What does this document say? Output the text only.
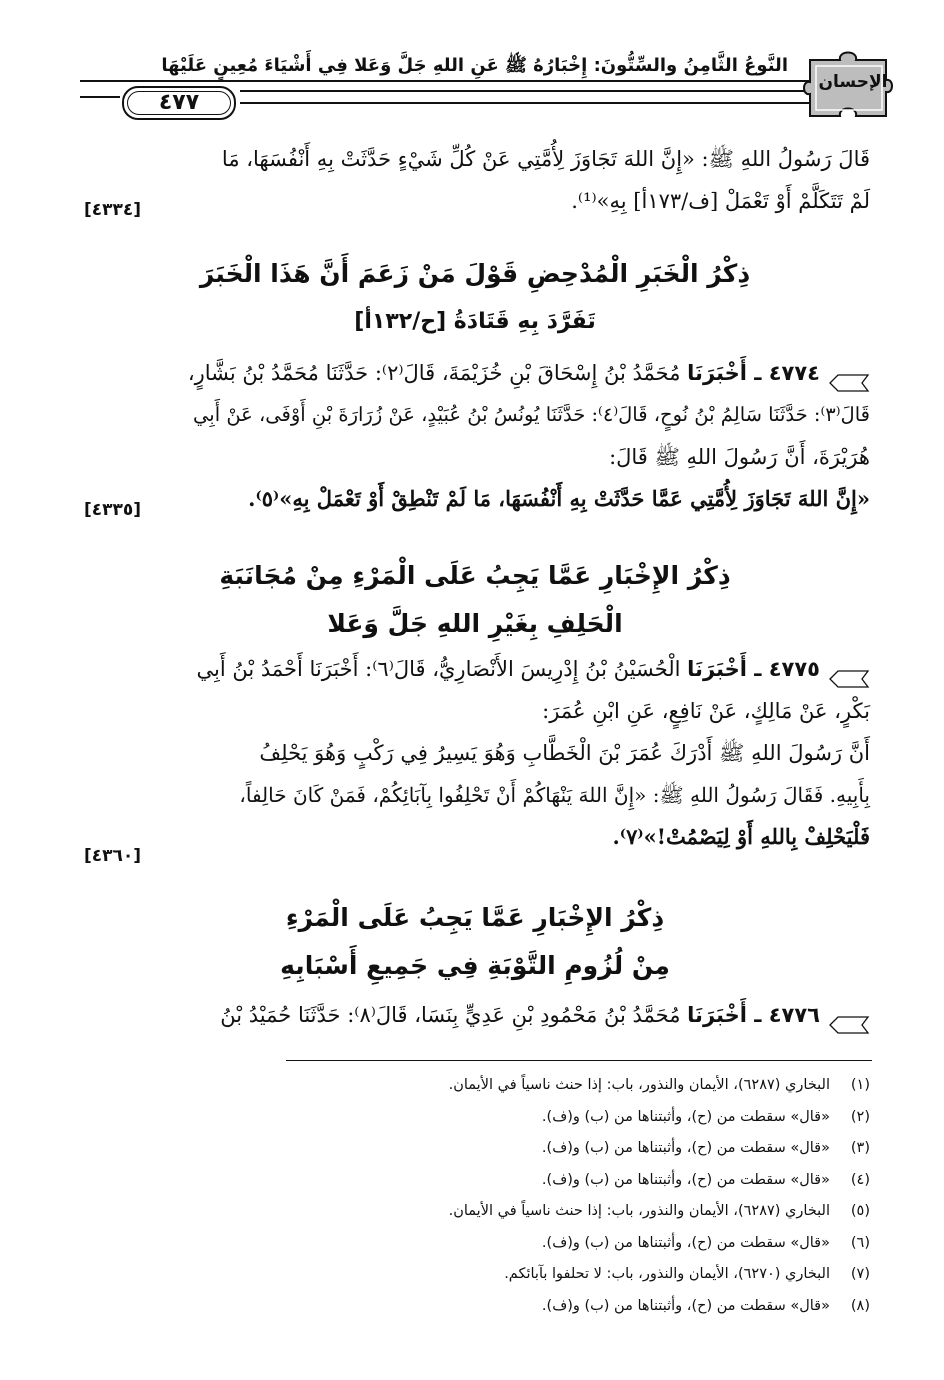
النَّوعُ الثَّامِنُ والسِّتُّونَ: إِخْبَارُهُ ﷺ عَنِ اللهِ جَلَّ وَعَلا فِي أَشْيَاءَ مُعِينٍ عَلَيْهَا
٤٧٧
الإحسان
قَالَ رَسُولُ اللهِ ﷺ: «إِنَّ اللهَ تَجَاوَزَ لِأُمَّتِي عَنْ كُلِّ شَيْءٍ حَدَّثَتْ بِهِ أَنْفُسَهَا، مَا
لَمْ تَتَكَلَّمْ أَوْ تَعْمَلْ [ف/١٧٣أ] بِهِ»⁽¹⁾.
[٤٣٣٤]
ذِكْرُ الْخَبَرِ الْمُدْحِضِ قَوْلَ مَنْ زَعَمَ أَنَّ هَذَا الْخَبَرَ
تَفَرَّدَ بِهِ قَتَادَةُ [ح/١٣٢أ]
٤٧٧٤ ـ أَخْبَرَنَا مُحَمَّدُ بْنُ إِسْحَاقَ بْنِ خُزَيْمَةَ، قَالَ⁽٢⁾: حَدَّثَنَا مُحَمَّدُ بْنُ بَشَّارٍ،
قَالَ⁽٣⁾: حَدَّثَنَا سَالِمُ بْنُ نُوحٍ، قَالَ⁽٤⁾: حَدَّثَنَا يُونُسُ بْنُ عُبَيْدٍ، عَنْ زُرَارَةَ بْنِ أَوْفَى، عَنْ أَبِي
هُرَيْرَةَ، أَنَّ رَسُولَ اللهِ ﷺ قَالَ:
«إِنَّ اللهَ تَجَاوَزَ لِأُمَّتِي عَمَّا حَدَّثَتْ بِهِ أَنْفُسَهَا، مَا لَمْ تَنْطِقْ أَوْ تَعْمَلْ بِهِ»⁽٥⁾.
[٤٣٣٥]
ذِكْرُ الإِخْبَارِ عَمَّا يَجِبُ عَلَى الْمَرْءِ مِنْ مُجَانَبَةِ
الْحَلِفِ بِغَيْرِ اللهِ جَلَّ وَعَلا
٤٧٧٥ ـ أَخْبَرَنَا الْحُسَيْنُ بْنُ إِدْرِيسَ الأَنْصَارِيُّ، قَالَ⁽٦⁾: أَخْبَرَنَا أَحْمَدُ بْنُ أَبِي
بَكْرٍ، عَنْ مَالِكٍ، عَنْ نَافِعٍ، عَنِ ابْنِ عُمَرَ:
أَنَّ رَسُولَ اللهِ ﷺ أَدْرَكَ عُمَرَ بْنَ الْخَطَّابِ وَهُوَ يَسِيرُ فِي رَكْبٍ وَهُوَ يَحْلِفُ
بِأَبِيهِ. فَقَالَ رَسُولُ اللهِ ﷺ: «إِنَّ اللهَ يَنْهَاكُمْ أَنْ تَحْلِفُوا بِآبَائِكُمْ، فَمَنْ كَانَ حَالِفاً،
فَلْيَحْلِفْ بِاللهِ أَوْ لِيَصْمُتْ!»⁽٧⁾.
[٤٣٦٠]
ذِكْرُ الإِخْبَارِ عَمَّا يَجِبُ عَلَى الْمَرْءِ
مِنْ لُزُومِ التَّوْبَةِ فِي جَمِيعِ أَسْبَابِهِ
٤٧٧٦ ـ أَخْبَرَنَا مُحَمَّدُ بْنُ مَحْمُودِ بْنِ عَدِيٍّ بِنَسَا، قَالَ⁽٨⁾: حَدَّثَنَا حُمَيْدُ بْنُ
(١)البخاري (٦٢٨٧)، الأيمان والنذور، باب: إذا حنث ناسياً في الأيمان.
(٢)«قال» سقطت من (ح)، وأثبتناها من (ب) و(ف).
(٣)«قال» سقطت من (ح)، وأثبتناها من (ب) و(ف).
(٤)«قال» سقطت من (ح)، وأثبتناها من (ب) و(ف).
(٥)البخاري (٦٢٨٧)، الأيمان والنذور، باب: إذا حنث ناسياً في الأيمان.
(٦)«قال» سقطت من (ح)، وأثبتناها من (ب) و(ف).
(٧)البخاري (٦٢٧٠)، الأيمان والنذور، باب: لا تحلفوا بآبائكم.
(٨)«قال» سقطت من (ح)، وأثبتناها من (ب) و(ف).
